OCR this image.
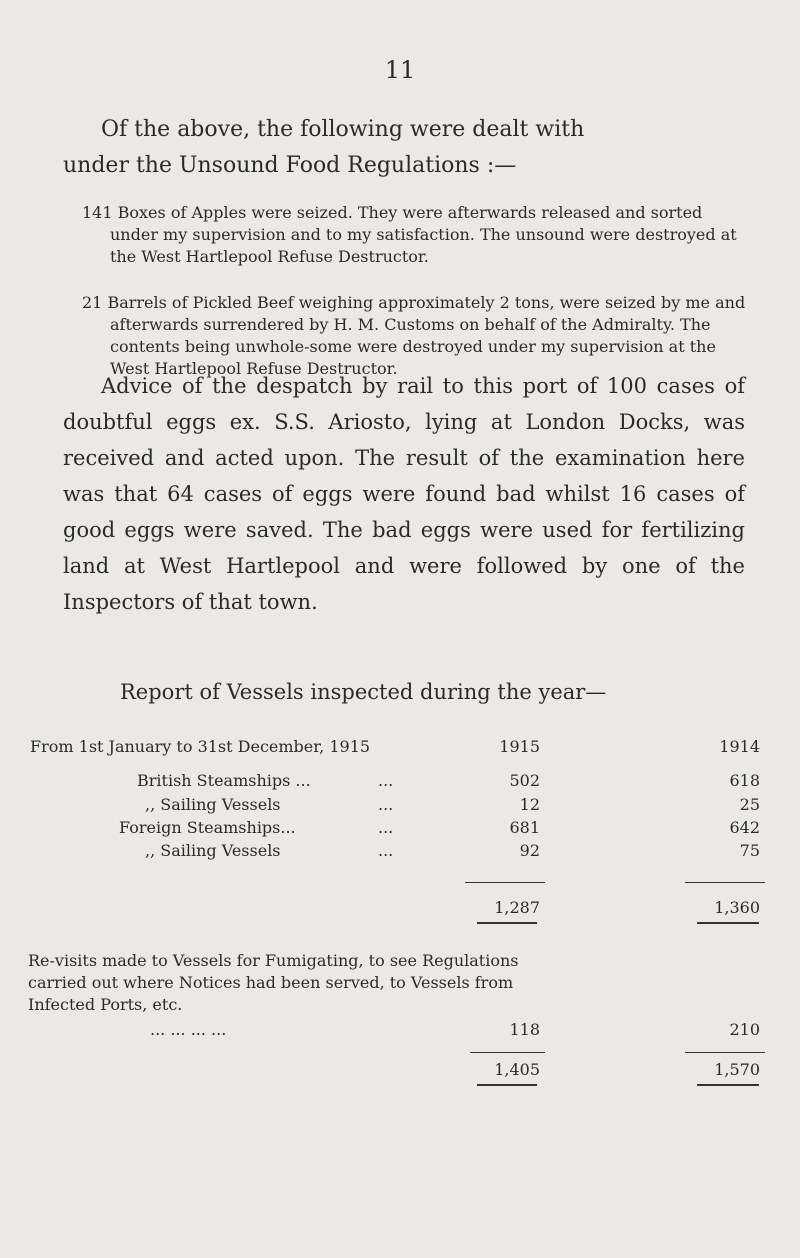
11
Of the above, the following were dealt with
under the Unsound Food Regulations :—
141 Boxes of Apples were seized. They were afterwards released and sorted under my supervision and to my satisfaction. The unsound were destroyed at the West Hartlepool Refuse Destructor.
21 Barrels of Pickled Beef weighing approximately 2 tons, were seized by me and afterwards surrendered by H. M. Customs on behalf of the Admiralty. The contents being unwhole-some were destroyed under my supervision at the West Hartlepool Refuse Destructor.
Advice of the despatch by rail to this port of 100 cases of doubtful eggs ex. S.S. Ariosto, lying at London Docks, was received and acted upon. The result of the examination here was that 64 cases of eggs were found bad whilst 16 cases of good eggs were saved. The bad eggs were used for fertilizing land at West Hartlepool and were followed by one of the Inspectors of that town.
Report of Vessels inspected during the year—
From 1st January to 31st December, 1915	1915	1914
British Steamships ...	...	502	618
,, Sailing Vessels	...	12	25
Foreign Steamships...	...	681	642
,, Sailing Vessels	...	92	75
1,287	1,360
Re-visits made to Vessels for Fumigating, to see Regulations carried out where Notices had been served, to Vessels from Infected Ports, etc.
... ... ... ...	118	210
1,405	1,570
